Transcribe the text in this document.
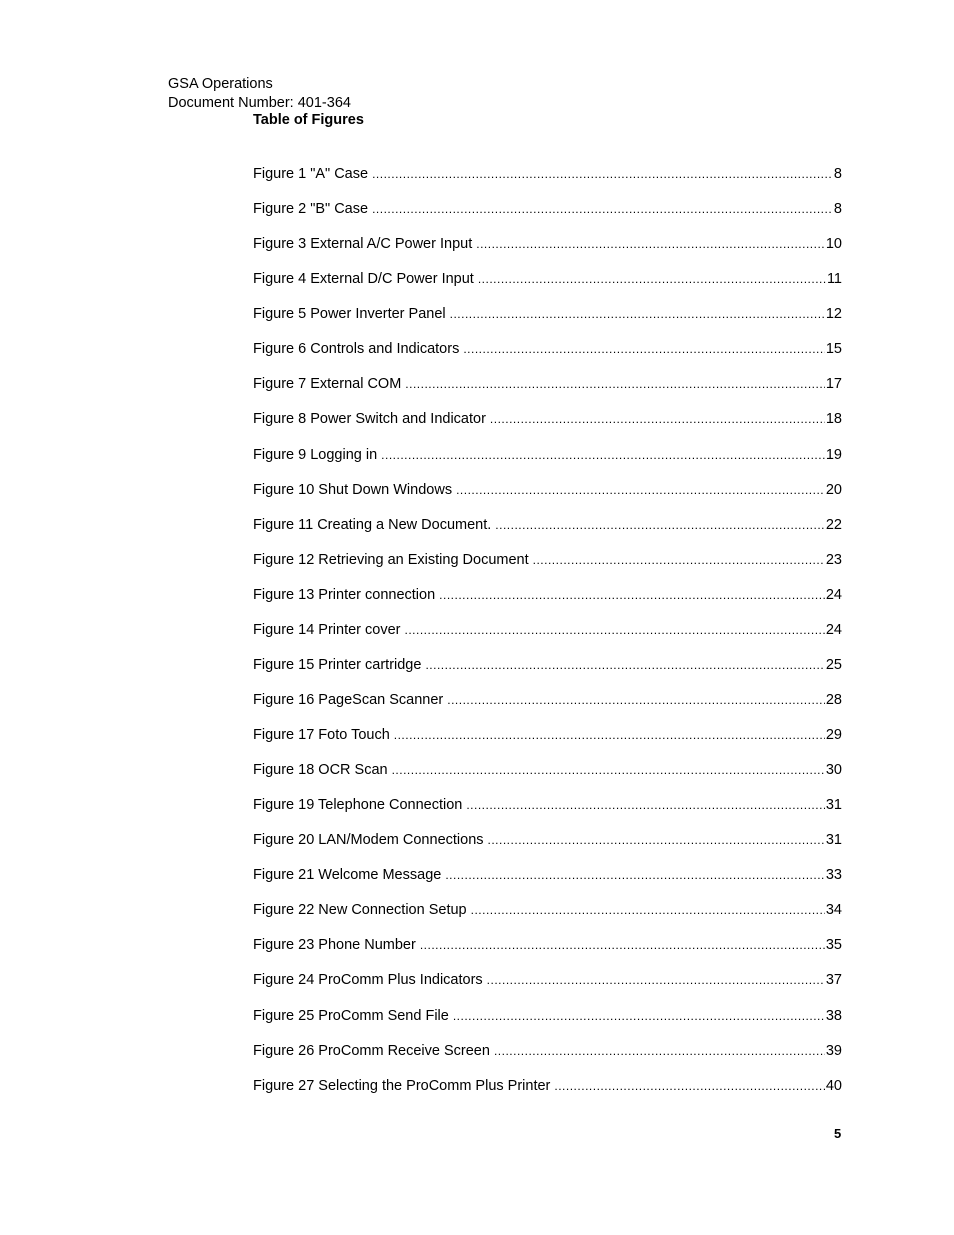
GSA Operations
Document Number: 401-364
Table of Figures
Figure 1 "A" Case .....	8
Figure 2 "B" Case .....	8
Figure 3 External A/C Power Input .....	10
Figure 4 External D/C Power Input .....	11
Figure 5 Power Inverter Panel .....	12
Figure 6 Controls and Indicators .....	15
Figure 7 External COM .....	17
Figure 8 Power Switch and Indicator .....	18
Figure 9 Logging in .....	19
Figure 10 Shut Down Windows .....	20
Figure 11 Creating a New Document. .....	22
Figure 12 Retrieving an Existing Document .....	23
Figure 13 Printer connection .....	24
Figure 14 Printer cover .....	24
Figure 15 Printer cartridge .....	25
Figure 16 PageScan Scanner .....	28
Figure 17 Foto Touch .....	29
Figure 18 OCR Scan .....	30
Figure 19 Telephone Connection .....	31
Figure 20 LAN/Modem Connections .....	31
Figure 21 Welcome Message .....	33
Figure 22 New Connection Setup .....	34
Figure 23 Phone Number .....	35
Figure 24 ProComm Plus Indicators .....	37
Figure 25 ProComm Send File .....	38
Figure 26 ProComm Receive Screen .....	39
Figure 27 Selecting the ProComm Plus Printer .....	40
5
